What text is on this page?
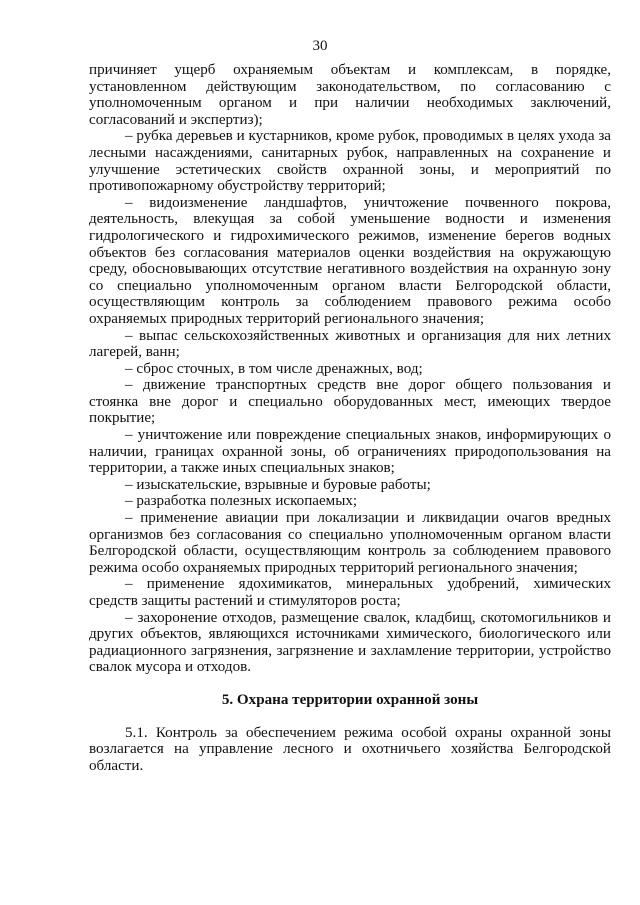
30

причиняет ущерб охраняемым объектам и комплексам, в порядке, установленном действующим законодательством, по согласованию с уполномоченным органом и при наличии необходимых заключений, согласований и экспертиз);

– рубка деревьев и кустарников, кроме рубок, проводимых в целях ухода за лесными насаждениями, санитарных рубок, направленных на сохранение и улучшение эстетических свойств охранной зоны, и мероприятий по противопожарному обустройству территорий;

– видоизменение ландшафтов, уничтожение почвенного покрова, деятельность, влекущая за собой уменьшение водности и изменения гидрологического и гидрохимического режимов, изменение берегов водных объектов без согласования материалов оценки воздействия на окружающую среду, обосновывающих отсутствие негативного воздействия на охранную зону со специально уполномоченным органом власти Белгородской области, осуществляющим контроль за соблюдением правового режима особо охраняемых природных территорий регионального значения;

– выпас сельскохозяйственных животных и организация для них летних лагерей, ванн;

– сброс сточных, в том числе дренажных, вод;

– движение транспортных средств вне дорог общего пользования и стоянка вне дорог и специально оборудованных мест, имеющих твердое покрытие;

– уничтожение или повреждение специальных знаков, информирующих о наличии, границах охранной зоны, об ограничениях природопользования на территории, а также иных специальных знаков;

– изыскательские, взрывные и буровые работы;

– разработка полезных ископаемых;

– применение авиации при локализации и ликвидации очагов вредных организмов без согласования со специально уполномоченным органом власти Белгородской области, осуществляющим контроль за соблюдением правового режима особо охраняемых природных территорий регионального значения;

– применение ядохимикатов, минеральных удобрений, химических средств защиты растений и стимуляторов роста;

– захоронение отходов, размещение свалок, кладбищ, скотомогильников и других объектов, являющихся источниками химического, биологического или радиационного загрязнения, загрязнение и захламление территории, устройство свалок мусора и отходов.

5. Охрана территории охранной зоны

5.1. Контроль за обеспечением режима особой охраны охранной зоны возлагается на управление лесного и охотничьего хозяйства Белгородской области.
